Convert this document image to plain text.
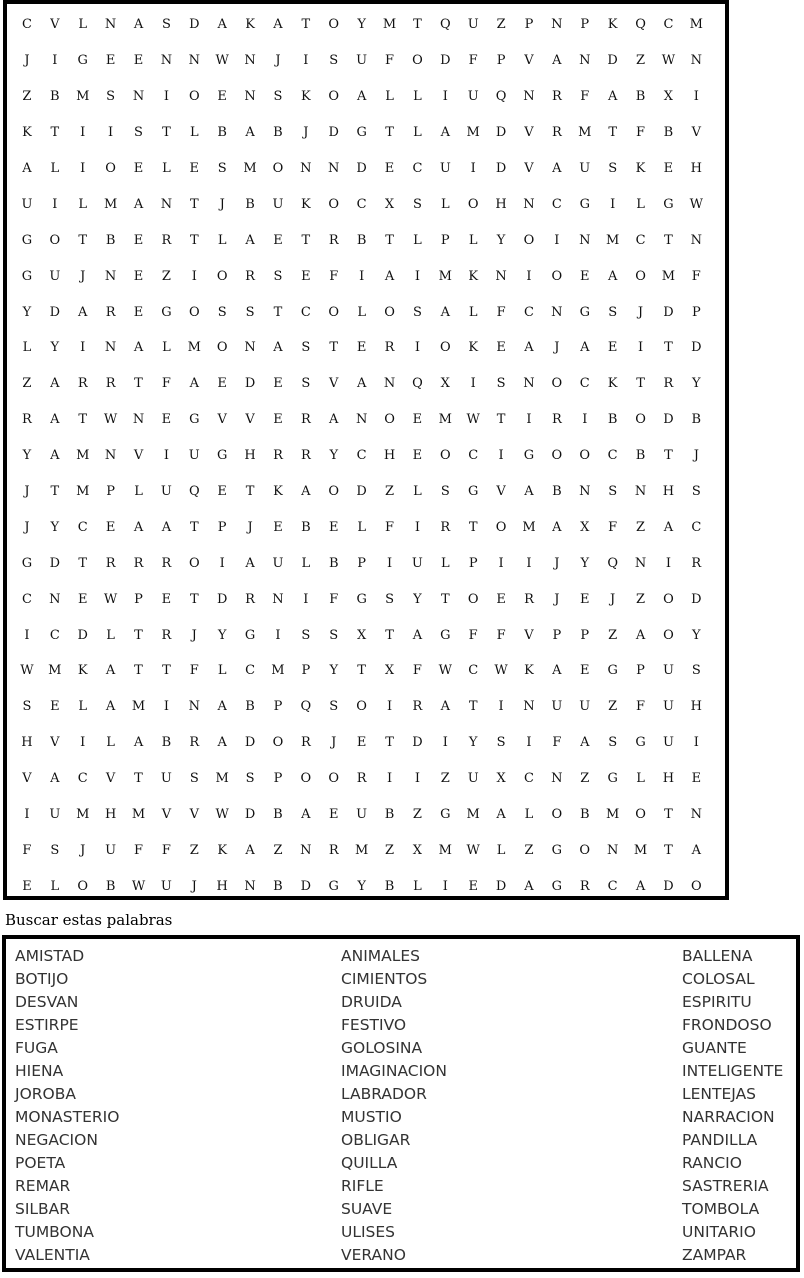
C V L N A S D A K A T O Y M T Q U Z P N P K Q C M
J I G E E N N W N J I S U F O D F P V A N D Z W N
Z B M S N I O E N S K O A L L I U Q N R F A B X I
K T I I S T L B A B J D G T L A M D V R M T F B V
A L I O E L E S M O N N D E C U I D V A U S K E H
U I L M A N T J B U K O C X S L O H N C G I L G W
G O T B E R T L A E T R B T L P L Y O I N M C T N
G U J N E Z I O R S E F I A I M K N I O E A O M F
Y D A R E G O S S T C O L O S A L F C N G S J D P
L Y I N A L M O N A S T E R I O K E A J A E I T D
Z A R R T F A E D E S V A N Q X I S N O C K T R Y
R A T W N E G V V E R A N O E M W T I R I B O D B
Y A M N V I U G H R R Y C H E O C I G O O C B T J
J T M P L U Q E T K A O D Z L S G V A B N S N H S
J Y C E A A T P J E B E L F I R T O M A X F Z A C
G D T R R R O I A U L B P I U L P I I J Y Q N I R
C N E W P E T D R N I F G S Y T O E R J E J Z O D
I C D L T R J Y G I S S X T A G F F V P P Z A O Y
W M K A T T F L C M P Y T X F W C W K A E G P U S
S E L A M I N A B P Q S O I R A T I N U U Z F U H
H V I L A B R A D O R J E T D I Y S I F A S G U I
V A C V T U S M S P O O R I I Z U X C N Z G L H E
I U M H M V V W D B A E U B Z G M A L O B M O T N
F S J U F F Z K A Z N R M Z X M W L Z G O N M T A
E L O B W U J H N B D G Y B L I E D A G R C A D O
Buscar estas palabras
AMISTAD
BOTIJO
DESVAN
ESTIRPE
FUGA
HIENA
JOROBA
MONASTERIO
NEGACION
POETA
REMAR
SILBAR
TUMBONA
VALENTIA
ANIMALES
CIMIENTOS
DRUIDA
FESTIVO
GOLOSINA
IMAGINACION
LABRADOR
MUSTIO
OBLIGAR
QUILLA
RIFLE
SUAVE
ULISES
VERANO
BALLENA
COLOSAL
ESPIRITU
FRONDOSO
GUANTE
INTELIGENTE
LENTEJAS
NARRACION
PANDILLA
RANCIO
SASTRERIA
TOMBOLA
UNITARIO
ZAMPAR
